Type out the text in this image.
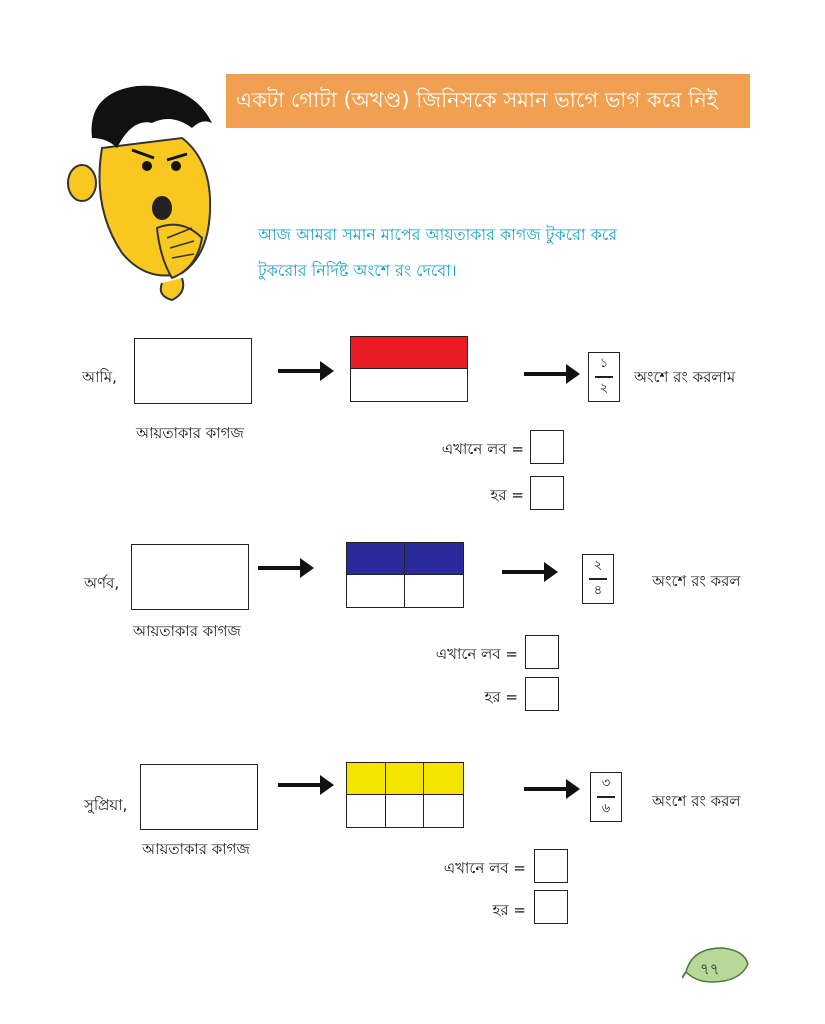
একটা গোটা (অখণ্ড) জিনিসকে সমান ভাগে ভাগ করে নিই
আজ আমরা সমান মাপের আয়তাকার কাগজ টুকরো করে
টুকরোর নির্দিষ্ট অংশে রং দেবো।
আমি,
আয়তাকার কাগজ
১
২
অংশে রং করলাম
এখানে লব =
হর =
অর্ণব,
আয়তাকার কাগজ
২
৪
অংশে রং করল
এখানে লব =
হর =
সুপ্রিয়া,
আয়তাকার কাগজ
৩
৬	অংশে রং করল
এখানে লব =
হর =
৭৭
